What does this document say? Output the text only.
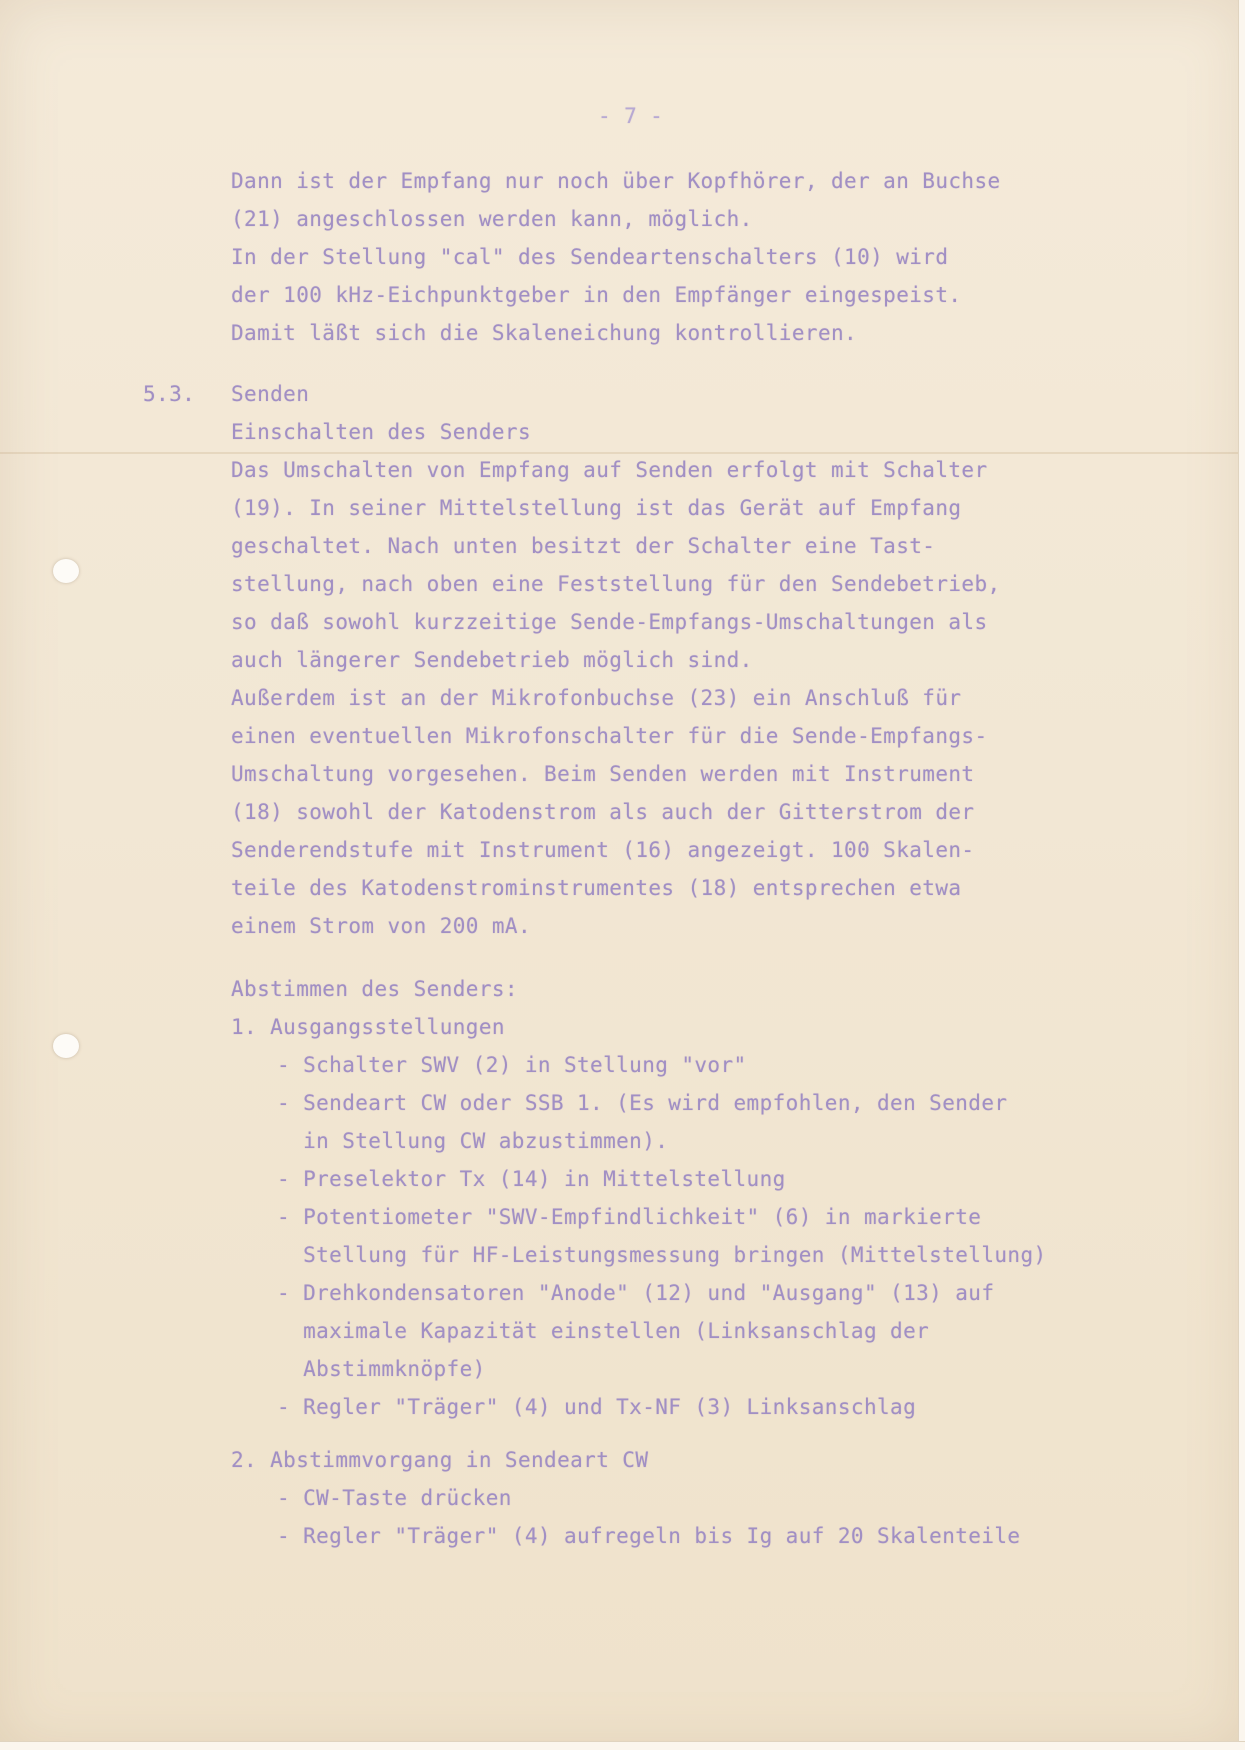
- 7 -
Dann ist der Empfang nur noch über Kopfhörer, der an Buchse
(21) angeschlossen werden kann, möglich.
In der Stellung "cal" des Sendeartenschalters (10) wird
der 100 kHz-Eichpunktgeber in den Empfänger eingespeist.
Damit läßt sich die Skaleneichung kontrollieren.
5.3. Senden
Einschalten des Senders
Das Umschalten von Empfang auf Senden erfolgt mit Schalter
(19). In seiner Mittelstellung ist das Gerät auf Empfang
geschaltet. Nach unten besitzt der Schalter eine Tast-
stellung, nach oben eine Feststellung für den Sendebetrieb,
so daß sowohl kurzzeitige Sende-Empfangs-Umschaltungen als
auch längerer Sendebetrieb möglich sind.
Außerdem ist an der Mikrofonbuchse (23) ein Anschluß für
einen eventuellen Mikrofonschalter für die Sende-Empfangs-
Umschaltung vorgesehen. Beim Senden werden mit Instrument
(18) sowohl der Katodenstrom als auch der Gitterstrom der
Senderendstufe mit Instrument (16) angezeigt. 100 Skalen-
teile des Katodenstrominstrumentes (18) entsprechen etwa
einem Strom von 200 mA.
Abstimmen des Senders:
1. Ausgangsstellungen
- Schalter SWV (2) in Stellung "vor"
- Sendeart CW oder SSB 1. (Es wird empfohlen, den Sender
in Stellung CW abzustimmen).
- Preselektor Tx (14) in Mittelstellung
- Potentiometer "SWV-Empfindlichkeit" (6) in markierte
Stellung für HF-Leistungsmessung bringen (Mittelstellung)
- Drehkondensatoren "Anode" (12) und "Ausgang" (13) auf
maximale Kapazität einstellen (Linksanschlag der
Abstimmknöpfe)
- Regler "Träger" (4) und Tx-NF (3) Linksanschlag
2. Abstimmvorgang in Sendeart CW
- CW-Taste drücken
- Regler "Träger" (4) aufregeln bis Ig auf 20 Skalenteile
